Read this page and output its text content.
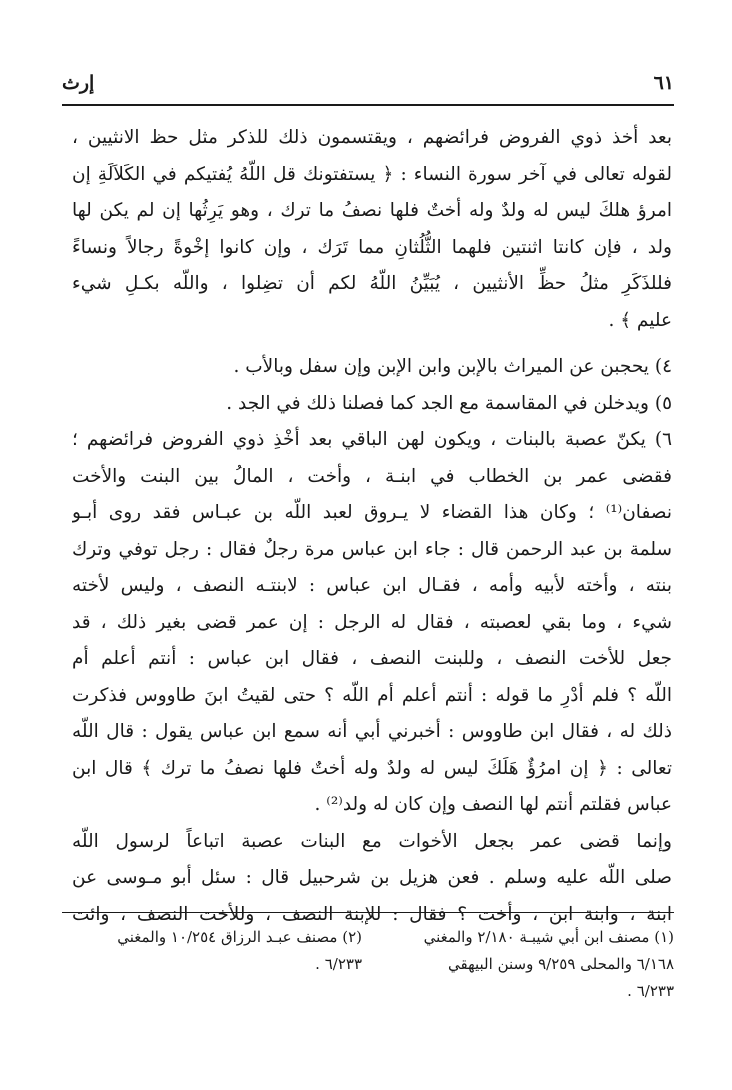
٦١
إرث
بعد أخذ ذوي الفروض فرائضهم ، ويقتسمون ذلك للذكر مثل حظ الانثيين ،
لقوله تعالى في آخر سورة النساء : ﴿ يستفتونك قل اللّهُ يُفتيكم في الكَلاَلَةِ إن
امرؤ هلكَ ليس له ولدٌ وله أختٌ فلها نصفُ ما ترك ، وهو يَرِثُها إن لم يكن لها
ولد ، فإن كانتا اثنتين فلهما الثُّلُثانِ مما تَرَك ، وإن كانوا إخْوةً رجالاً ونساءً
فللذَكَرِ مثلُ حظِّ الأنثيين ، يُبَيِّنُ اللّهُ لكم أن تضِلوا ، واللّه بكـلِ شيء
عليم ﴾ .
٤) يحجبن عن الميراث بالإبن وابن الإبن وإن سفل وبالأب .
٥) ويدخلن في المقاسمة مع الجد كما فصلنا ذلك في الجد .
٦) يكنّ عصبة بالبنات ، ويكون لهن الباقي بعد أخْذِ ذوي الفروض فرائضهم ؛
فقضى عمر بن الخطاب في ابنـة ، وأخت ، المالُ بين البنت والأخت
نصفان⁽¹⁾ ؛ وكان هذا القضاء لا يـروق لعبد اللّه بن عبـاس فقد روى أبـو
سلمة بن عبد الرحمن قال : جاء ابن عباس مرة رجلٌ فقال : رجل توفي وترك
بنته ، وأخته لأبيه وأمه ، فقـال ابن عباس : لابنتـه النصف ، وليس لأخته
شيء ، وما بقي لعصبته ، فقال له الرجل : إن عمر قضى بغير ذلك ، قد
جعل للأخت النصف ، وللبنت النصف ، فقال ابن عباس : أنتم أعلم أم
اللّه ؟ فلم أدْرِ ما قوله : أنتم أعلم أم اللّه ؟ حتى لقيتُ ابنَ طاووس فذكرت
ذلك له ، فقال ابن طاووس : أخبرني أبي أنه سمع ابن عباس يقول : قال اللّه
تعالى : ﴿ إن امرُؤٌ هَلَكَ ليس له ولدٌ وله أختٌ فلها نصفُ ما ترك ﴾ قال ابن
عباس فقلتم أنتم لها النصف وإن كان له ولد⁽²⁾ .
وإنما قضى عمر بجعل الأخوات مع البنات عصبة اتباعاً لرسول اللّه
صلى اللّه عليه وسلم . فعن هزيل بن شرحبيل قال : سئل أبو مـوسى عن
ابنة ، وابنة ابن ، وأخت ؟ فقال : للإبنة النصف ، وللأخت النصف ، وائت
(١) مصنف ابن أبي شيبـة ٢/١٨٠ والمغني
٦/١٦٨ والمحلى ٩/٢٥٩ وسنن البيهقي
٦/٢٣٣ .
(٢) مصنف عبـد الرزاق ١٠/٢٥٤ والمغني
٦/٢٣٣ .
